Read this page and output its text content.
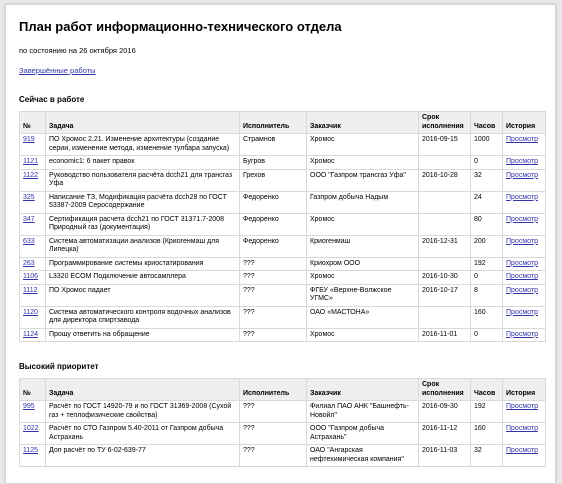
План работ информационно-технического отдела
по состоянию на 26 октября 2016
Завершённые работы
Сейчас в работе
№	Задача	Исполнитель	Заказчик	Срок исполнения	Часов	История
919	ПО Хромос 2.21. Изменение архитектуры (создание серии, изменение метода, изменение тулбара запуска)	Страмнов	Хромос	2016-09-15	1000	Просмотр
1121	economic1: 6 пакет правок	Бугров	Хромос		0	Просмотр
1122	Руководство пользователя расчёта dcch21 для трансгаз Уфа	Грехов	ООО "Газпром трансгаз Уфа"	2016-10-28	32	Просмотр
325	Написание ТЗ, Модификация расчёта dcch28 по ГОСТ 53387-2009 Серосодержание	Федоренко	Газпром добыча Надым		24	Просмотр
347	Сертификация расчета dcch21 по ГОСТ 31371.7-2008 Природный газ (документация)	Федоренко	Хромос		80	Просмотр
633	Система автоматизации анализов (Криогенмаш для Липецка)	Федоренко	Криогенмаш	2016-12-31	200	Просмотр
263	Программирование системы криостатирования	???	Криохром ООО		192	Просмотр
1106	L3320 ECOM Подключение автосамплера	???	Хромос	2016-10-30	0	Просмотр
1112	ПО Хромос падает	???	ФГБУ «Верхне-Волжское УГМС»	2016-10-17	8	Просмотр
1120	Система автоматического контроля водочных анализов для директора спиртзавода	???	ОАО «МАСТОНА»		160	Просмотр
1124	Прошу ответить на обращение	???	Хромос	2016-11-01	0	Просмотр
Высокий приоритет
№	Задача	Исполнитель	Заказчик	Срок исполнения	Часов	История
995	Расчёт по ГОСТ 14920-79 и по ГОСТ 31369-2008 (Сухой газ + теплофизические свойства)	???	Филиал ПАО АНК "Башнефть-Новойл"	2016-09-30	192	Просмотр
1022	Расчёт по СТО Газпром 5.40-2011 от Газпром добыча Астрахань	???	ООО "Газпром добыча Астрахань"	2016-11-12	160	Просмотр
1125	Доп расчёт по ТУ 6-02-639-77	???	ОАО "Ангарская нефтехимическая компания"	2016-11-03	32	Просмотр
